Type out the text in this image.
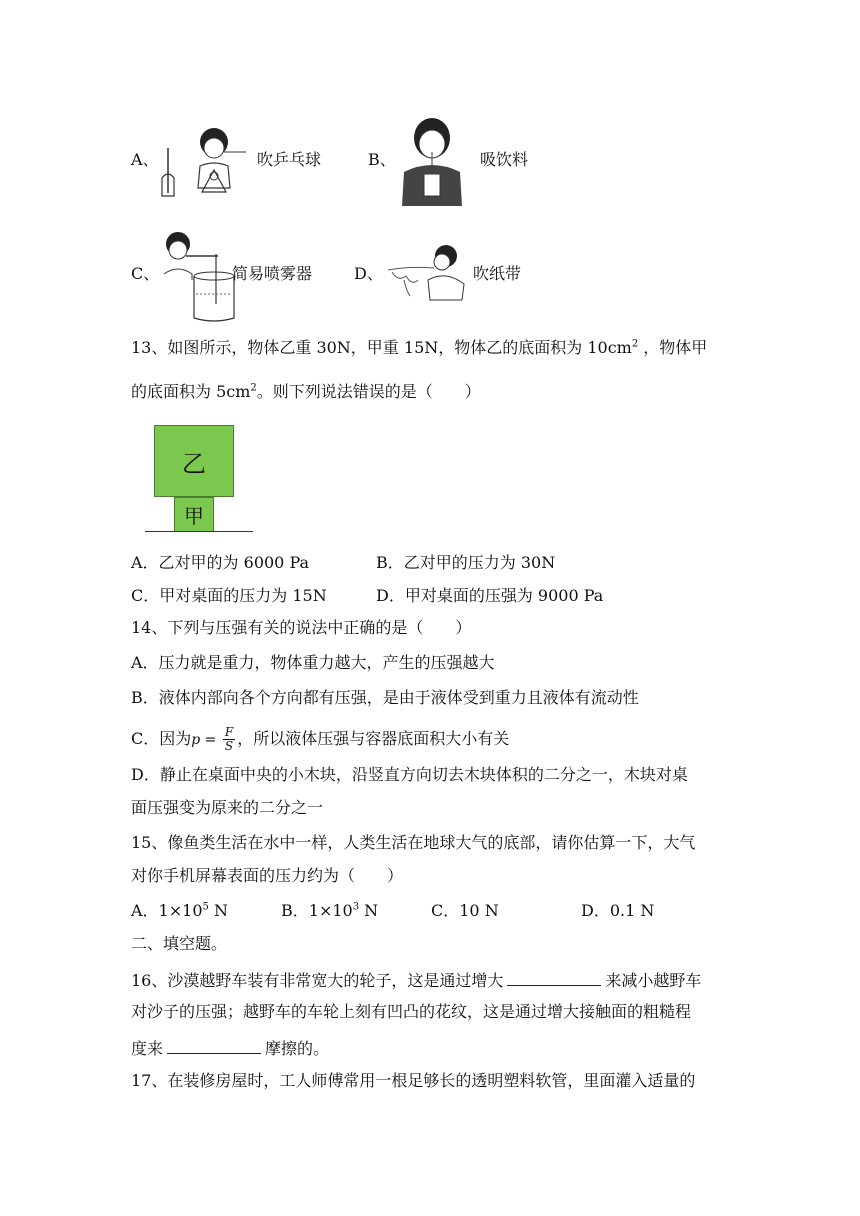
A、	吹乒乓球	B、	吸饮料
C、	简易喷雾器	D、	吹纸带
13、如图所示，物体乙重 30N，甲重 15N，物体乙的底面积为 $10cm^2$ ，物体甲
的底面积为 $5cm^2$。则下列说法错误的是（　　）
乙
甲
A．乙对甲的为 6000 Pa	B．乙对甲的压力为 30N
C．甲对桌面的压力为 15N	D．甲对桌面的压强为 9000 Pa
14、下列与压强有关的说法中正确的是（　　）
A．压力就是重力，物体重力越大，产生的压强越大
B．液体内部向各个方向都有压强，是由于液体受到重力且液体有流动性
C．因为$p = \frac{F}{S}$ ，所以液体压强与容器底面积大小有关
D．静止在桌面中央的小木块，沿竖直方向切去木块体积的二分之一，木块对桌
面压强变为原来的二分之一
15、像鱼类生活在水中一样，人类生活在地球大气的底部，请你估算一下，大气
对你手机屏幕表面的压力约为（　　）
A．$1\times 10^5$ N	B．$1\times 10^3$ N	C．10 N	D．0.1 N
二、填空题。
16、沙漠越野车装有非常宽大的轮子，这是通过增大	来减小越野车
对沙子的压强；越野车的车轮上刻有凹凸的花纹，这是通过增大接触面的粗糙程
度来	摩擦的。
17、在装修房屋时，工人师傅常用一根足够长的透明塑料软管，里面灌入适量的
